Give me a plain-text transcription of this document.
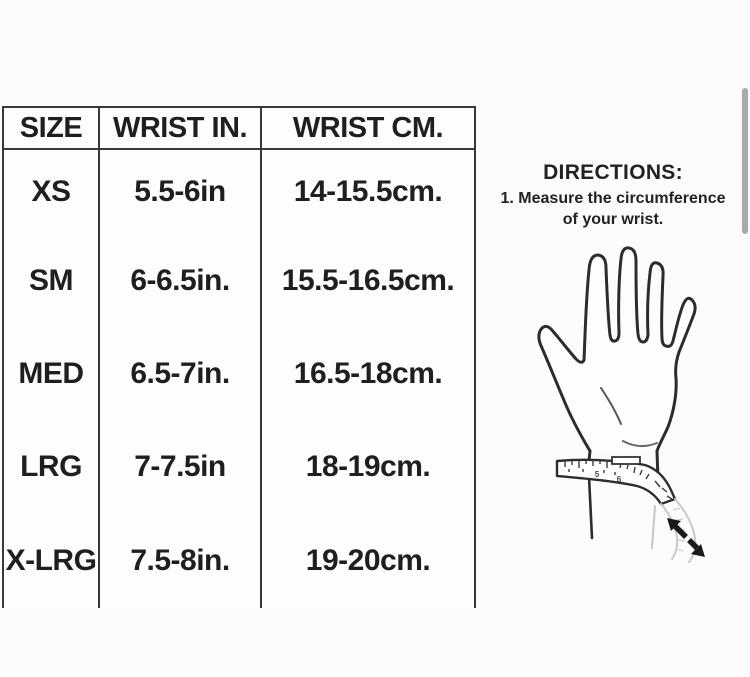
SIZE	WRIST IN.	WRIST CM.
XS	5.5-6in	14-15.5cm.
SM	6-6.5in.	15.5-16.5cm.
MED	6.5-7in.	16.5-18cm.
LRG	7-7.5in	18-19cm.
X-LRG	7.5-8in.	19-20cm.
DIRECTIONS:
1. Measure the circumference
of your wrist.
5
6
